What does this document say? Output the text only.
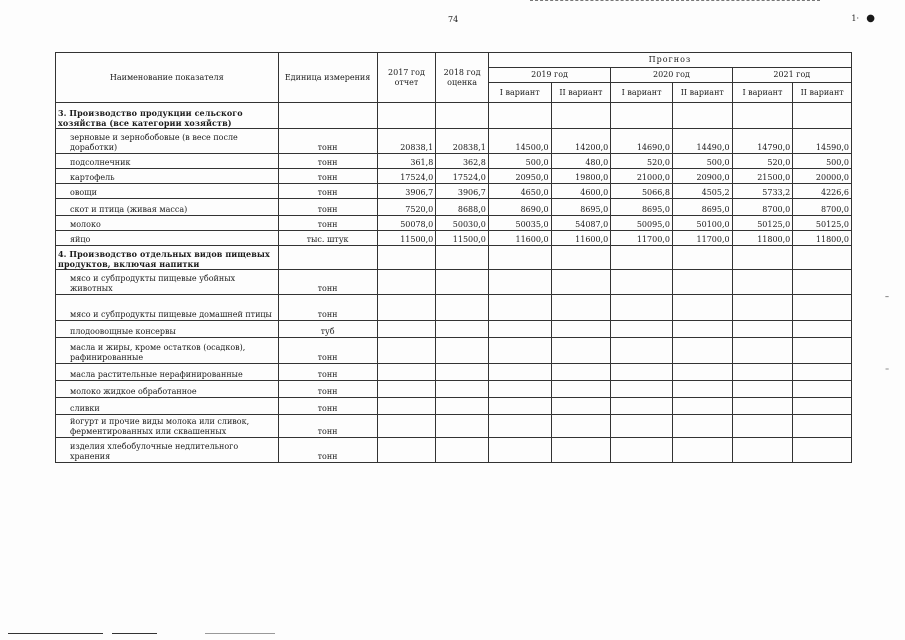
74	1· ●
–
⁼
Наименование показателя	Единица измерения	2017 год отчет	2018 год оценка	Прогноз					
				2019 год		2020 год		2021 год	
				I вариант	II вариант	I вариант	II вариант	I вариант	II вариант
3. Производство продукции сельского хозяйства (все категории хозяйств)									
зерновые и зернобобовые (в весе после доработки)	тонн	20838,1	20838,1	14500,0	14200,0	14690,0	14490,0	14790,0	14590,0
подсолнечник	тонн	361,8	362,8	500,0	480,0	520,0	500,0	520,0	500,0
картофель	тонн	17524,0	17524,0	20950,0	19800,0	21000,0	20900,0	21500,0	20000,0
овощи	тонн	3906,7	3906,7	4650,0	4600,0	5066,8	4505,2	5733,2	4226,6
скот и птица (живая масса)	тонн	7520,0	8688,0	8690,0	8695,0	8695,0	8695,0	8700,0	8700,0
молоко	тонн	50078,0	50030,0	50035,0	54087,0	50095,0	50100,0	50125,0	50125,0
яйцо	тыс. штук	11500,0	11500,0	11600,0	11600,0	11700,0	11700,0	11800,0	11800,0
4. Производство отдельных видов пищевых продуктов, включая напитки									
мясо и субпродукты пищевые убойных животных	тонн								
мясо и субпродукты пищевые домашней птицы	тонн								
плодоовощные консервы	туб								
масла и жиры, кроме остатков (осадков), рафинированные	тонн								
масла растительные нерафинированные	тонн								
молоко жидкое обработанное	тонн								
сливки	тонн								
йогурт и прочие виды молока или сливок, ферментированных или сквашенных	тонн								
изделия хлебобулочные недлительного хранения	тонн								
